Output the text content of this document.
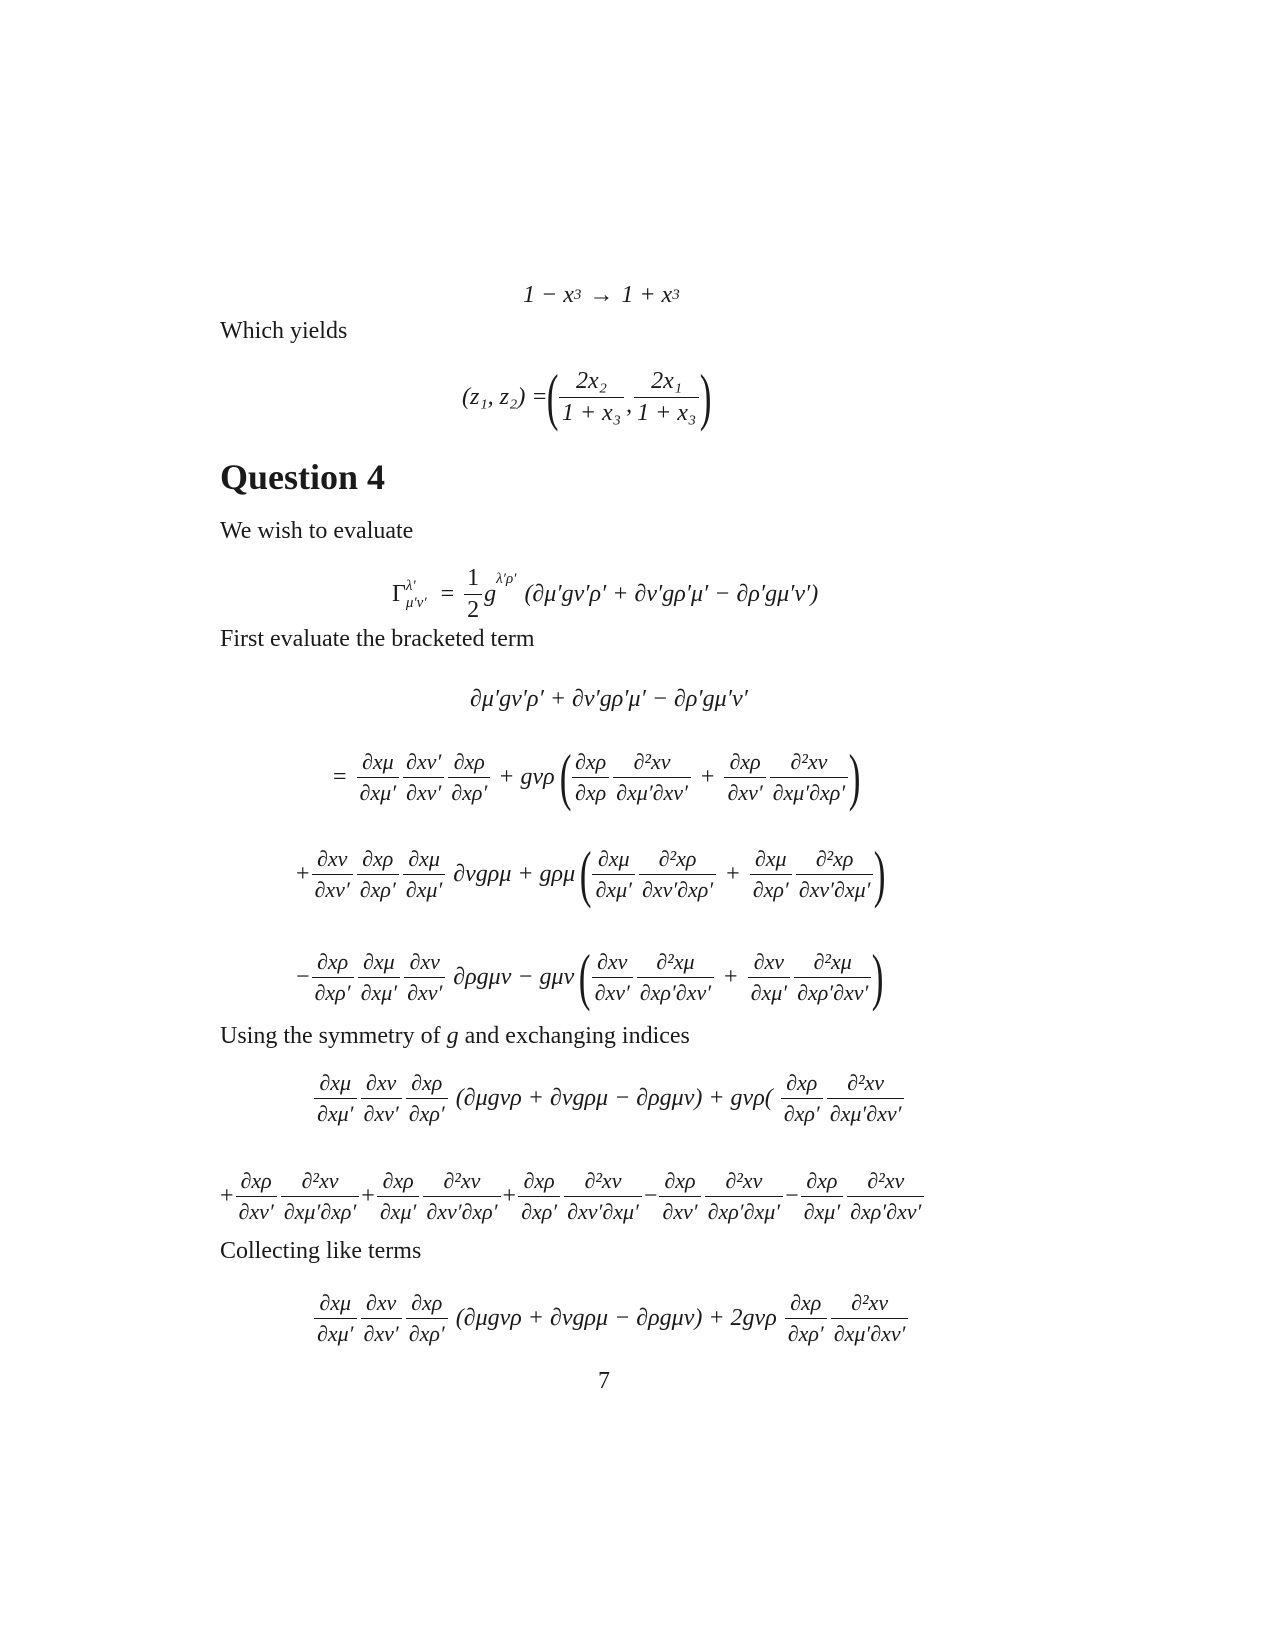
1 − x 3 → 1 + x 3
Which yields
(z₁, z₂) =
( $\frac{\text{2x₂}}{\text{1 + x₃}}$ , $\frac{\text{2x₁}}{\text{1 + x₃}}$ )
Question 4
We wish to evaluate
Γ λ′
$\mu'\nu' = \frac{1}{2}$ g
$^{\lambda'\rho'}$
(∂μ′gν′ρ′ + ∂ν′gρ′μ′ − ∂ρ′gμ′ν′)
First evaluate the bracketed term
∂μ′gν′ρ′ + ∂ν′gρ′μ′ − ∂ρ′gμ′ν′
= $\frac{\partial x\mu}{\partial x\mu'} \frac{\partial x\nu'}{\partial x\nu'} \frac{\partial x\rho}{\partial x\rho'} + g\nu\rho$ ( $\frac{\partial x\rho}{\partial x\rho} \frac{\text{∂²xν}}{\partial x\mu'\partial x\nu'} + \frac{\partial x\rho}{\partial x\nu'} \frac{\text{∂²xν}}{\partial x\mu'\partial x\rho'}$ )
+ $\frac{\partial x\nu}{\partial x\nu'} \frac{\partial x\rho}{\partial x\rho'} \frac{\partial x\mu}{\partial x\mu'} \partial\nu g\rho\mu + g\rho\mu$ ( $\frac{\partial x\mu}{\partial x\mu'} \frac{\text{∂²xρ}}{\partial x\nu'\partial x\rho'} + \frac{\partial x\mu}{\partial x\rho'} \frac{\text{∂²xρ}}{\partial x\nu'\partial x\mu'}$ )
− $\frac{\partial x\rho}{\partial x\rho'} \frac{\partial x\mu}{\partial x\mu'} \frac{\partial x\nu}{\partial x\nu'} \partial\rho g\mu\nu - g\mu\nu$ ( $\frac{\partial x\nu}{\partial x\nu'} \frac{\text{∂²xμ}}{\partial x\rho'\partial x\nu'} + \frac{\partial x\nu}{\partial x\mu'} \frac{\text{∂²xμ}}{\partial x\rho'\partial x\nu'}$ )
Using the symmetry of g and exchanging indices
$\frac{\partial x\mu}{\partial x\mu'} \frac{\partial x\nu}{\partial x\nu'} \frac{\partial x\rho}{\partial x\rho'} (\partial\mu g\nu\rho + \partial\nu g\rho\mu - \partial\rho g\mu\nu) + g\nu\rho( \frac{\partial x\rho}{\partial x\rho'} \frac{\text{∂²xν}}{\partial x\mu'\partial x\nu'}$
+ $\frac{\partial x\rho}{\partial x\nu'} \frac{\text{∂²xν}}{\partial x\mu'\partial x\rho'} + \frac{\partial x\rho}{\partial x\mu'} \frac{\text{∂²xν}}{\partial x\nu'\partial x\rho'} + \frac{\partial x\rho}{\partial x\rho'} \frac{\text{∂²xν}}{\partial x\nu'\partial x\mu'} - \frac{\partial x\rho}{\partial x\nu'} \frac{\text{∂²xν}}{\partial x\rho'\partial x\mu'} - \frac{\partial x\rho}{\partial x\mu'} \frac{\text{∂²xν}}{\partial x\rho'\partial x\nu'}$
Collecting like terms
$\frac{\partial x\mu}{\partial x\mu'} \frac{\partial x\nu}{\partial x\nu'} \frac{\partial x\rho}{\partial x\rho'} (\partial\mu g\nu\rho + \partial\nu g\rho\mu - \partial\rho g\mu\nu) + 2g\nu\rho \frac{\partial x\rho}{\partial x\rho'} \frac{\text{∂²xν}}{\partial x\mu'\partial x\nu'}$
7
